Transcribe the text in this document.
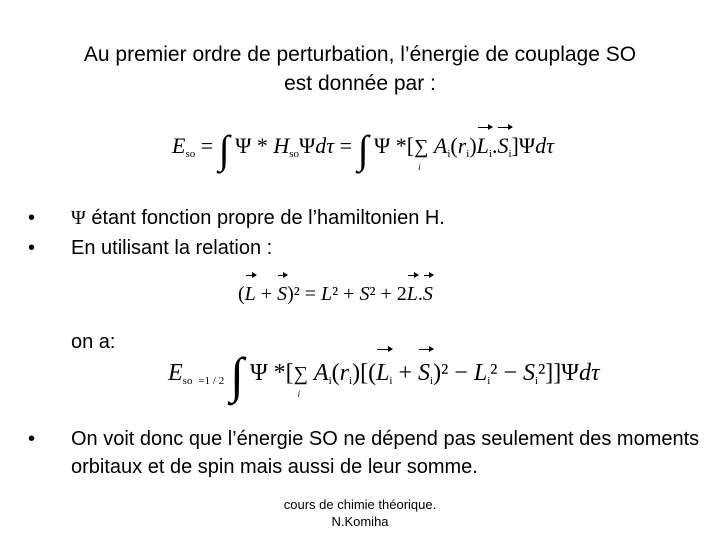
Au premier ordre de perturbation, l’énergie de couplage SO
est donnée par :
$E_{so}$ = ∫ Ψ * $H_{so}\Psi d\tau$ = ∫ Ψ *[∑
i
$A_i(r_i)L_i.S_i]\Psi d\tau$
• Ψ étant fonction propre de l’hamiltonien H.
• En utilisant la relation :
(L + S)² = L² + S² + 2L.S
on a:
$E_{so}$ $_{=1 / 2}$ ∫ Ψ *[∑
i
$A_i(r_i)[(L_i + S_i)^2 - L_i^2 - S_i^2]]\Psi d\tau$
• On voit donc que l’énergie SO ne dépend pas seulement des moments orbitaux et de spin mais aussi de leur somme.
cours de chimie théorique.
N.Komiha
